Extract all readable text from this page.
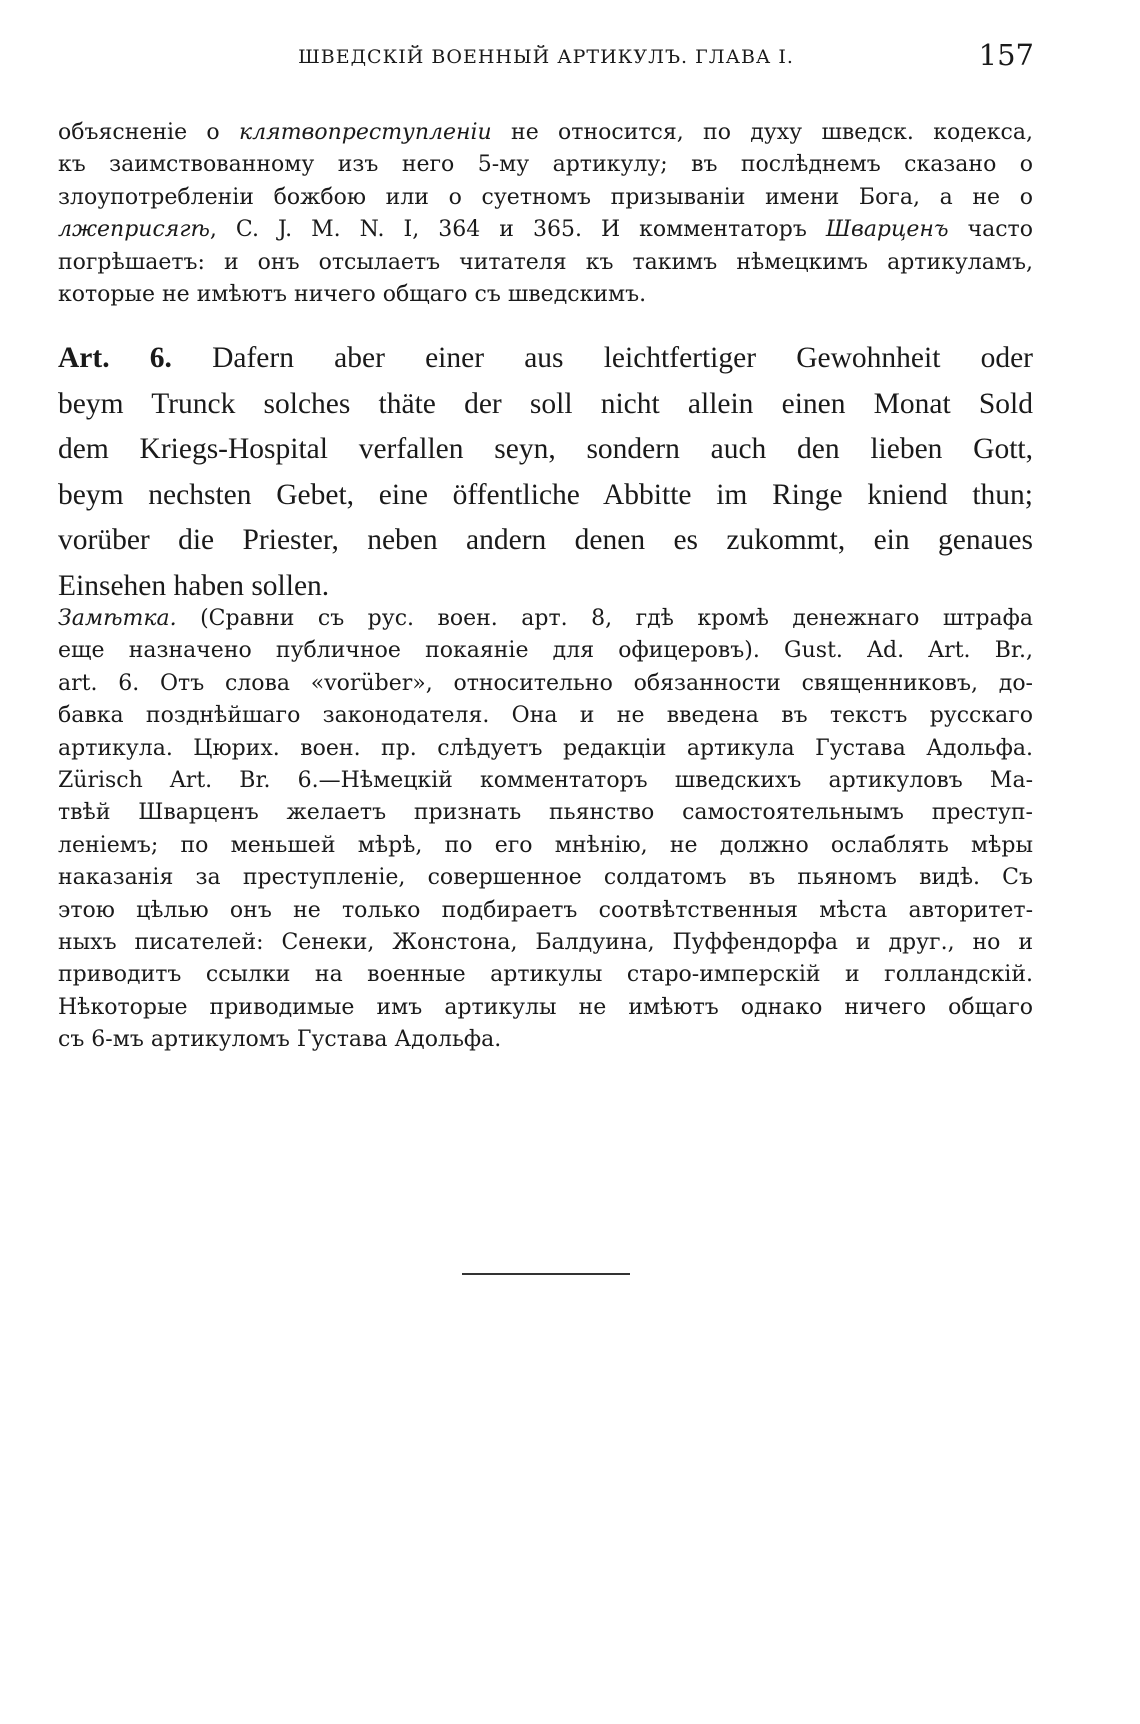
ШВЕДСКІЙ ВОЕННЫЙ АРТИКУЛЪ. ГЛАВА I.	157
объясненіе о клятвопреступленіи не относится, по духу шведск. кодекса,
къ заимствованному изъ него 5-му артикулу; въ послѣднемъ сказано о
злоупотребленіи божбою или о суетномъ призываніи имени Бога, а не о
лжеприсягѣ, C. J. M. N. I, 364 и 365. И комментаторъ Шварценъ часто
погрѣшаетъ: и онъ отсылаетъ читателя къ такимъ нѣмецкимъ артикуламъ,
которые не имѣютъ ничего общаго съ шведскимъ.
Art. 6. Dafern aber einer aus leichtfertiger Gewohnheit oder
beym Trunck solches thäte der soll nicht allein einen Monat Sold
dem Kriegs-Hospital verfallen seyn, sondern auch den lieben Gott,
beym nechsten Gebet, eine öffentliche Abbitte im Ringe kniend thun;
vorüber die Priester, neben andern denen es zukommt, ein genaues
Einsehen haben sollen.
Замѣтка. (Сравни съ рус. воен. арт. 8, гдѣ кромѣ денежнаго штрафа
еще назначено публичное покаяніе для офицеровъ). Gust. Ad. Art. Br.,
art. 6. Отъ слова «vorüber», относительно обязанности священниковъ, до-
бавка позднѣйшаго законодателя. Она и не введена въ текстъ русскаго
артикула. Цюрих. воен. пр. слѣдуетъ редакціи артикула Густава Адольфа.
Zürisch Art. Br. 6.—Нѣмецкій комментаторъ шведскихъ артикуловъ Ма-
твѣй Шварценъ желаетъ признать пьянство самостоятельнымъ преступ-
леніемъ; по меньшей мѣрѣ, по его мнѣнію, не должно ослаблять мѣры
наказанія за преступленіе, совершенное солдатомъ въ пьяномъ видѣ. Съ
этою цѣлью онъ не только подбираетъ соотвѣтственныя мѣста авторитет-
ныхъ писателей: Сенеки, Жонстона, Балдуина, Пуффендорфа и друг., но и
приводитъ ссылки на военные артикулы старо-имперскій и голландскій.
Нѣкоторые приводимые имъ артикулы не имѣютъ однако ничего общаго
съ 6-мъ артикуломъ Густава Адольфа.
